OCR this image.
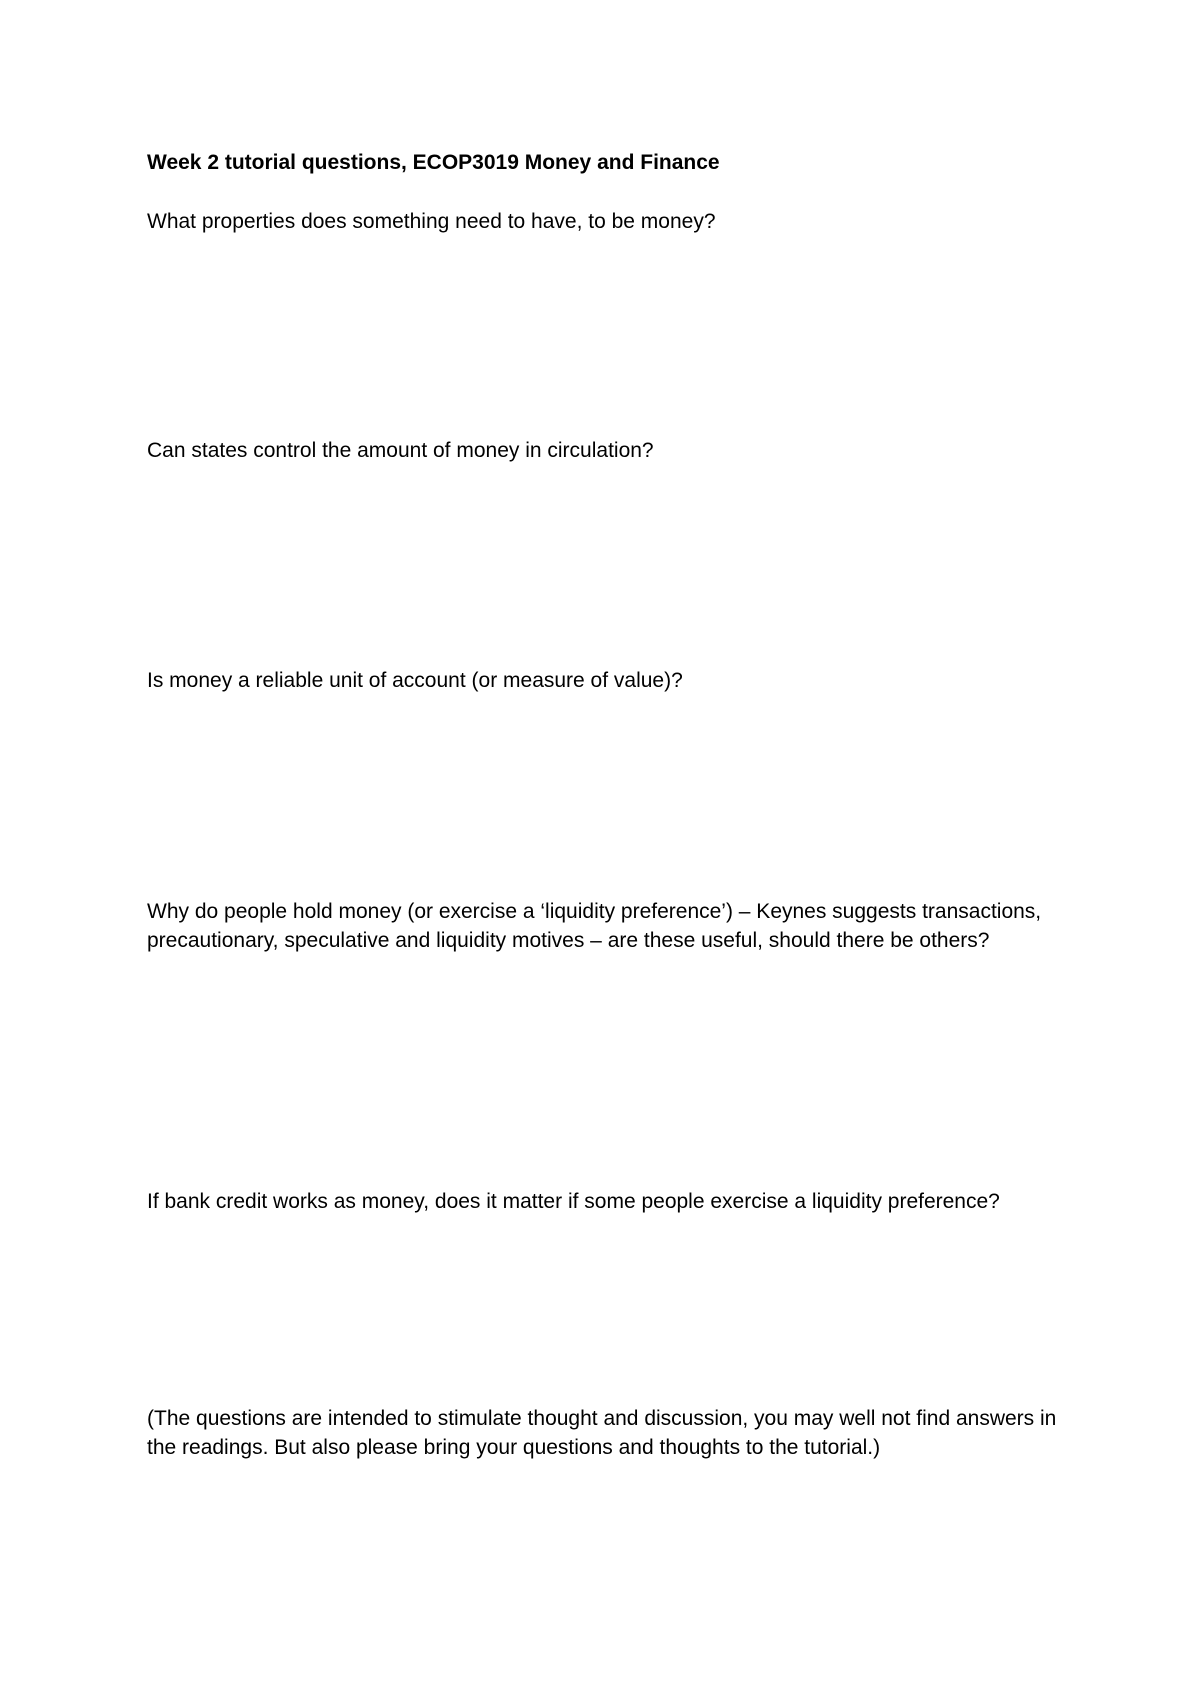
Week 2 tutorial questions, ECOP3019 Money and Finance
What properties does something need to have, to be money?
Can states control the amount of money in circulation?
Is money a reliable unit of account (or measure of value)?
Why do people hold money (or exercise a ‘liquidity preference’) – Keynes suggests transactions, precautionary, speculative and liquidity motives – are these useful, should there be others?
If bank credit works as money, does it matter if some people exercise a liquidity preference?
(The questions are intended to stimulate thought and discussion, you may well not find answers in the readings. But also please bring your questions and thoughts to the tutorial.)
